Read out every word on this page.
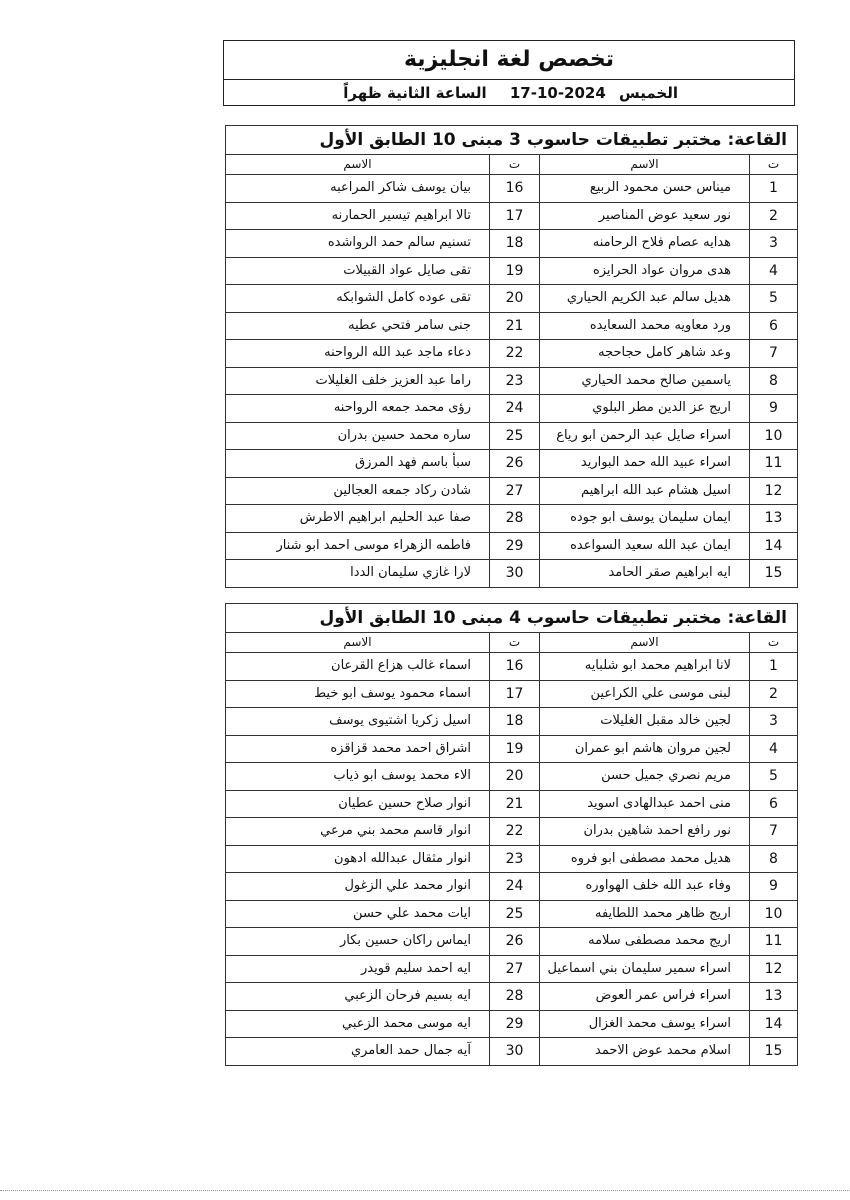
تخصص لغة انجليزية
الخميس 17-10-2024 الساعة الثانية ظهراً
القاعة: مختبر تطبيقات حاسوب 3 مبنى 10 الطابق الأول			
ت	الاسم	ت	الاسم
1	ميناس حسن محمود الربيع	16	بيان يوسف شاكر المراعبه
2	نور سعيد عوض المناصير	17	تالا ابراهيم تيسير الحمارنه
3	هدايه عصام فلاح الرحامنه	18	تسنيم سالم حمد الرواشده
4	هدى مروان عواد الحرايزه	19	تقى صايل عواد القبيلات
5	هديل سالم عبد الكريم الحياري	20	تقى عوده كامل الشوابكه
6	ورد معاويه محمد السعايده	21	جنى سامر فتحي عطيه
7	وعد شاهر كامل حجاحجه	22	دعاء ماجد عبد الله الرواحنه
8	ياسمين صالح محمد الحياري	23	راما عبد العزيز خلف الغليلات
9	اريج عز الدين مطر البلوي	24	رؤى محمد جمعه الرواحنه
10	اسراء صايل عبد الرحمن ابو رياع	25	ساره محمد حسين بدران
11	اسراء عبيد الله حمد البواريد	26	سبأ باسم فهد المرزق
12	اسيل هشام عبد الله ابراهيم	27	شادن ركاد جمعه العجالين
13	ايمان سليمان يوسف ابو جوده	28	صفا عبد الحليم ابراهيم الاطرش
14	ايمان عبد الله سعيد السواعده	29	فاطمه الزهراء موسى احمد ابو شنار
15	ايه ابراهيم صقر الحامد	30	لارا غازي سليمان الددا
القاعة: مختبر تطبيقات حاسوب 4 مبنى 10 الطابق الأول			
ت	الاسم	ت	الاسم
1	لانا ابراهيم محمد ابو شلبايه	16	اسماء غالب هزاع القرعان
2	لبنى موسى علي الكراعين	17	اسماء محمود يوسف ابو خيط
3	لجين خالد مقبل الغليلات	18	اسيل زكريا اشتيوى يوسف
4	لجين مروان هاشم ابو عمران	19	اشراق احمد محمد قزاقزه
5	مريم نصري جميل حسن	20	الاء محمد يوسف ابو ذياب
6	منى احمد عبدالهادى اسويد	21	انوار صلاح حسين عطيان
7	نور رافع احمد شاهين بدران	22	انوار قاسم محمد بني مرعي
8	هديل محمد مصطفى ابو فروه	23	انوار مثقال عبدالله ادهون
9	وفاء عبد الله خلف الهواوره	24	انوار محمد علي الزغول
10	اريج ظاهر محمد اللطايفه	25	ايات محمد علي حسن
11	اريج محمد مصطفى سلامه	26	ايماس راكان حسين بكار
12	اسراء سمير سليمان بني اسماعيل	27	ايه احمد سليم قويدر
13	اسراء فراس عمر العوض	28	ايه بسيم فرحان الزعبي
14	اسراء يوسف محمد الغزال	29	ايه موسى محمد الزعبي
15	اسلام محمد عوض الاحمد	30	آيه جمال حمد العامري
